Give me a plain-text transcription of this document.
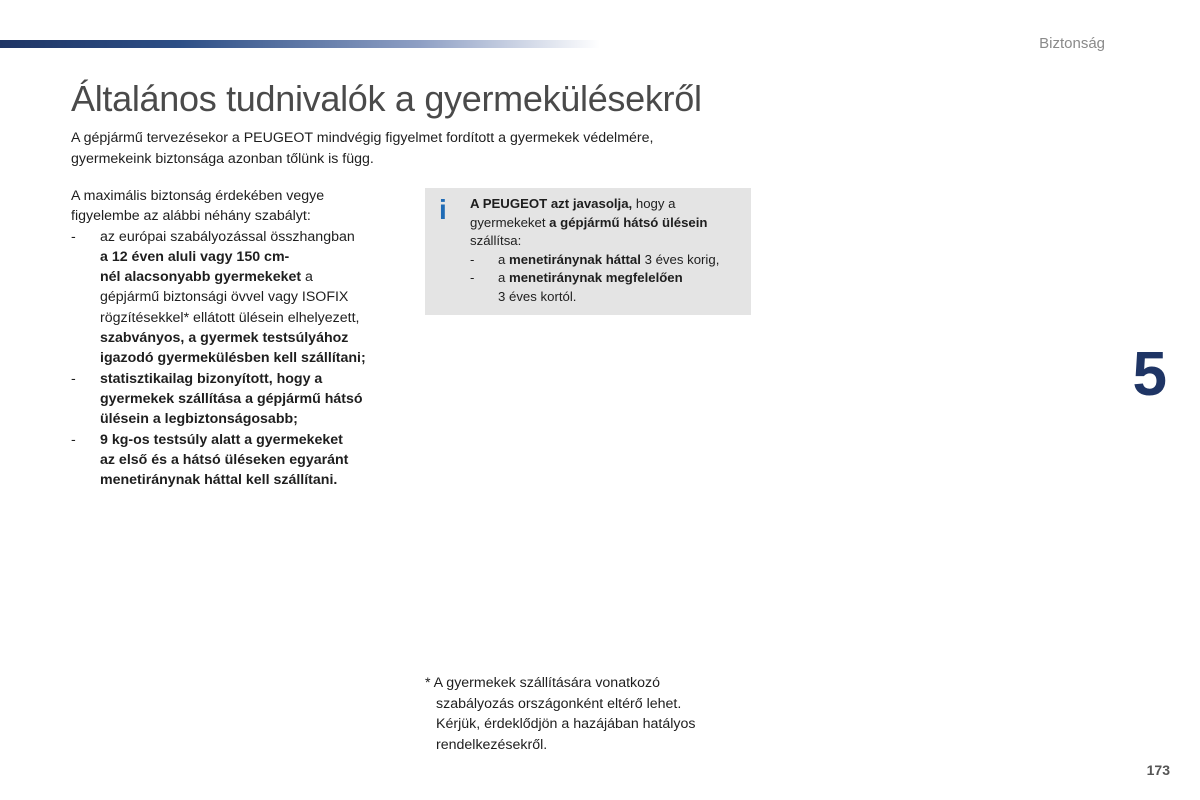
Biztonság
Általános tudnivalók a gyermekülésekről

A gépjármű tervezésekor a PEUGEOT mindvégig figyelmet fordított a gyermekek védelmére,
gyermekeink biztonsága azonban tőlünk is függ.

A maximális biztonság érdekében vegye
figyelembe az alábbi néhány szabályt:
- az európai szabályozással összhangban
a 12 éven aluli vagy 150 cm-
nél alacsonyabb gyermekeket a
gépjármű biztonsági övvel vagy ISOFIX
rögzítésekkel* ellátott ülésein elhelyezett,
szabványos, a gyermek testsúlyához
igazodó gyermekülésben kell szállítani;
- statisztikailag bizonyított, hogy a
gyermekek szállítása a gépjármű hátsó
ülésein a legbiztonságosabb;
- 9 kg-os testsúly alatt a gyermekeket
az első és a hátsó üléseken egyaránt
menetiránynak háttal kell szállítani.
i A PEUGEOT azt javasolja, hogy a
gyermekeket a gépjármű hátsó ülésein
szállítsa:
- a menetiránynak háttal 3 éves korig,
- a menetiránynak megfelelően
3 éves kortól.
5
* A gyermekek szállítására vonatkozó
szabályozás országonként eltérő lehet.
Kérjük, érdeklődjön a hazájában hatályos
rendelkezésekről.
173
